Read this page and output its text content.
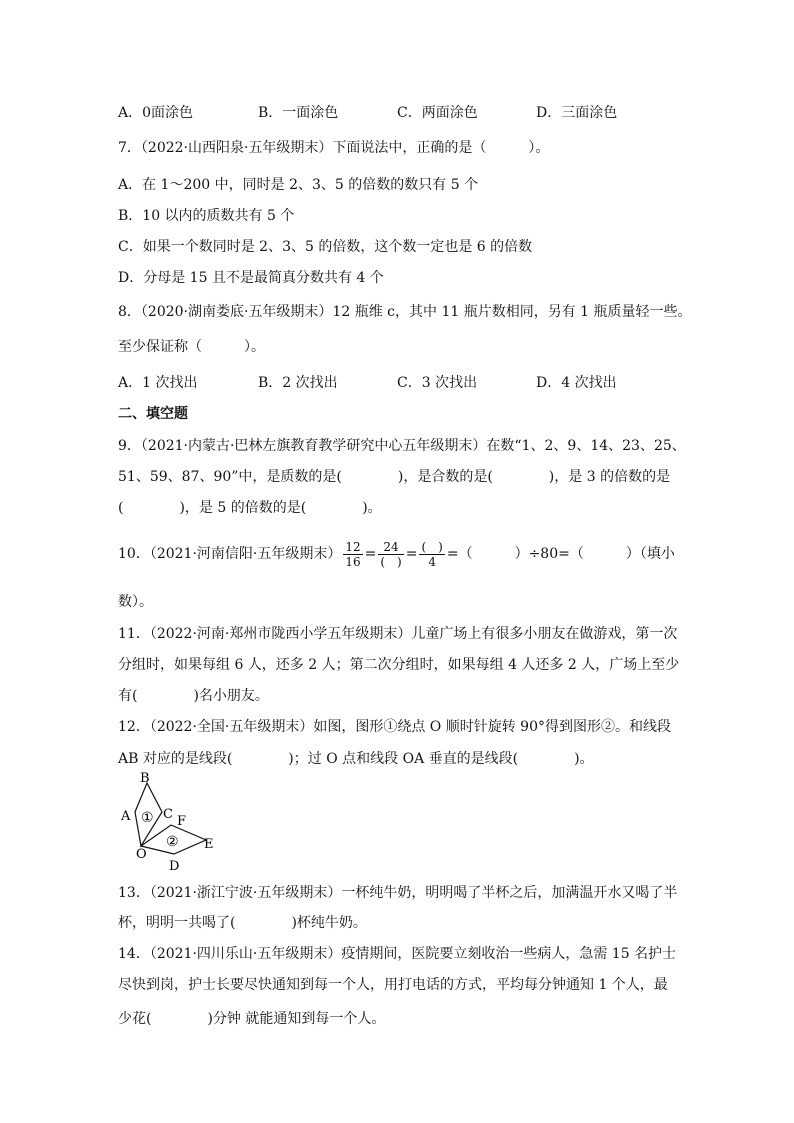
A．0面涂色	B．一面涂色	C．两面涂色	D．三面涂色
7．（2022·山西阳泉·五年级期末）下面说法中，正确的是（　　　）。
A．在 1～200 中，同时是 2、3、5 的倍数的数只有 5 个
B．10 以内的质数共有 5 个
C．如果一个数同时是 2、3、5 的倍数，这个数一定也是 6 的倍数
D．分母是 15 且不是最简真分数共有 4 个
8．（2020·湖南娄底·五年级期末）12 瓶维 c，其中 11 瓶片数相同，另有 1 瓶质量轻一些。
至少保证称（　　　）。
A．1 次找出	B．2 次找出	C．3 次找出	D．4 次找出
二、填空题
9．（2021·内蒙古·巴林左旗教育教学研究中心五年级期末）在数“1、2、9、14、23、25、
51、59、87、90”中，是质数的是(　　　　)，是合数的是(　　　　)，是 3 的倍数的是
(　　　　)，是 5 的倍数的是(　　　　)。
10．（2021·河南信阳·五年级期末） $\frac{12}{16} = \frac{24}{( )} = \frac{( )}{4}$ =（　　　）÷80=（　　　）（填小
数）。
11．（2022·河南·郑州市陇西小学五年级期末）儿童广场上有很多小朋友在做游戏，第一次
分组时，如果每组 6 人，还多 2 人；第二次分组时，如果每组 4 人还多 2 人，广场上至少
有(　　　　)名小朋友。
12．（2022·全国·五年级期末）如图，图形①绕点 O 顺时针旋转 90°得到图形②。和线段
AB 对应的是线段(　　　　)；过 O 点和线段 OA 垂直的是线段(　　　　)。
B
A	C F
E
O
D
①
②
13．（2021·浙江宁波·五年级期末）一杯纯牛奶，明明喝了半杯之后，加满温开水又喝了半
杯，明明一共喝了(　　　　)杯纯牛奶。
14．（2021·四川乐山·五年级期末）疫情期间，医院要立刻收治一些病人，急需 15 名护士
尽快到岗，护士长要尽快通知到每一个人，用打电话的方式，平均每分钟通知 1 个人，最
少花(　　　　)分钟 就能通知到每一个人。
